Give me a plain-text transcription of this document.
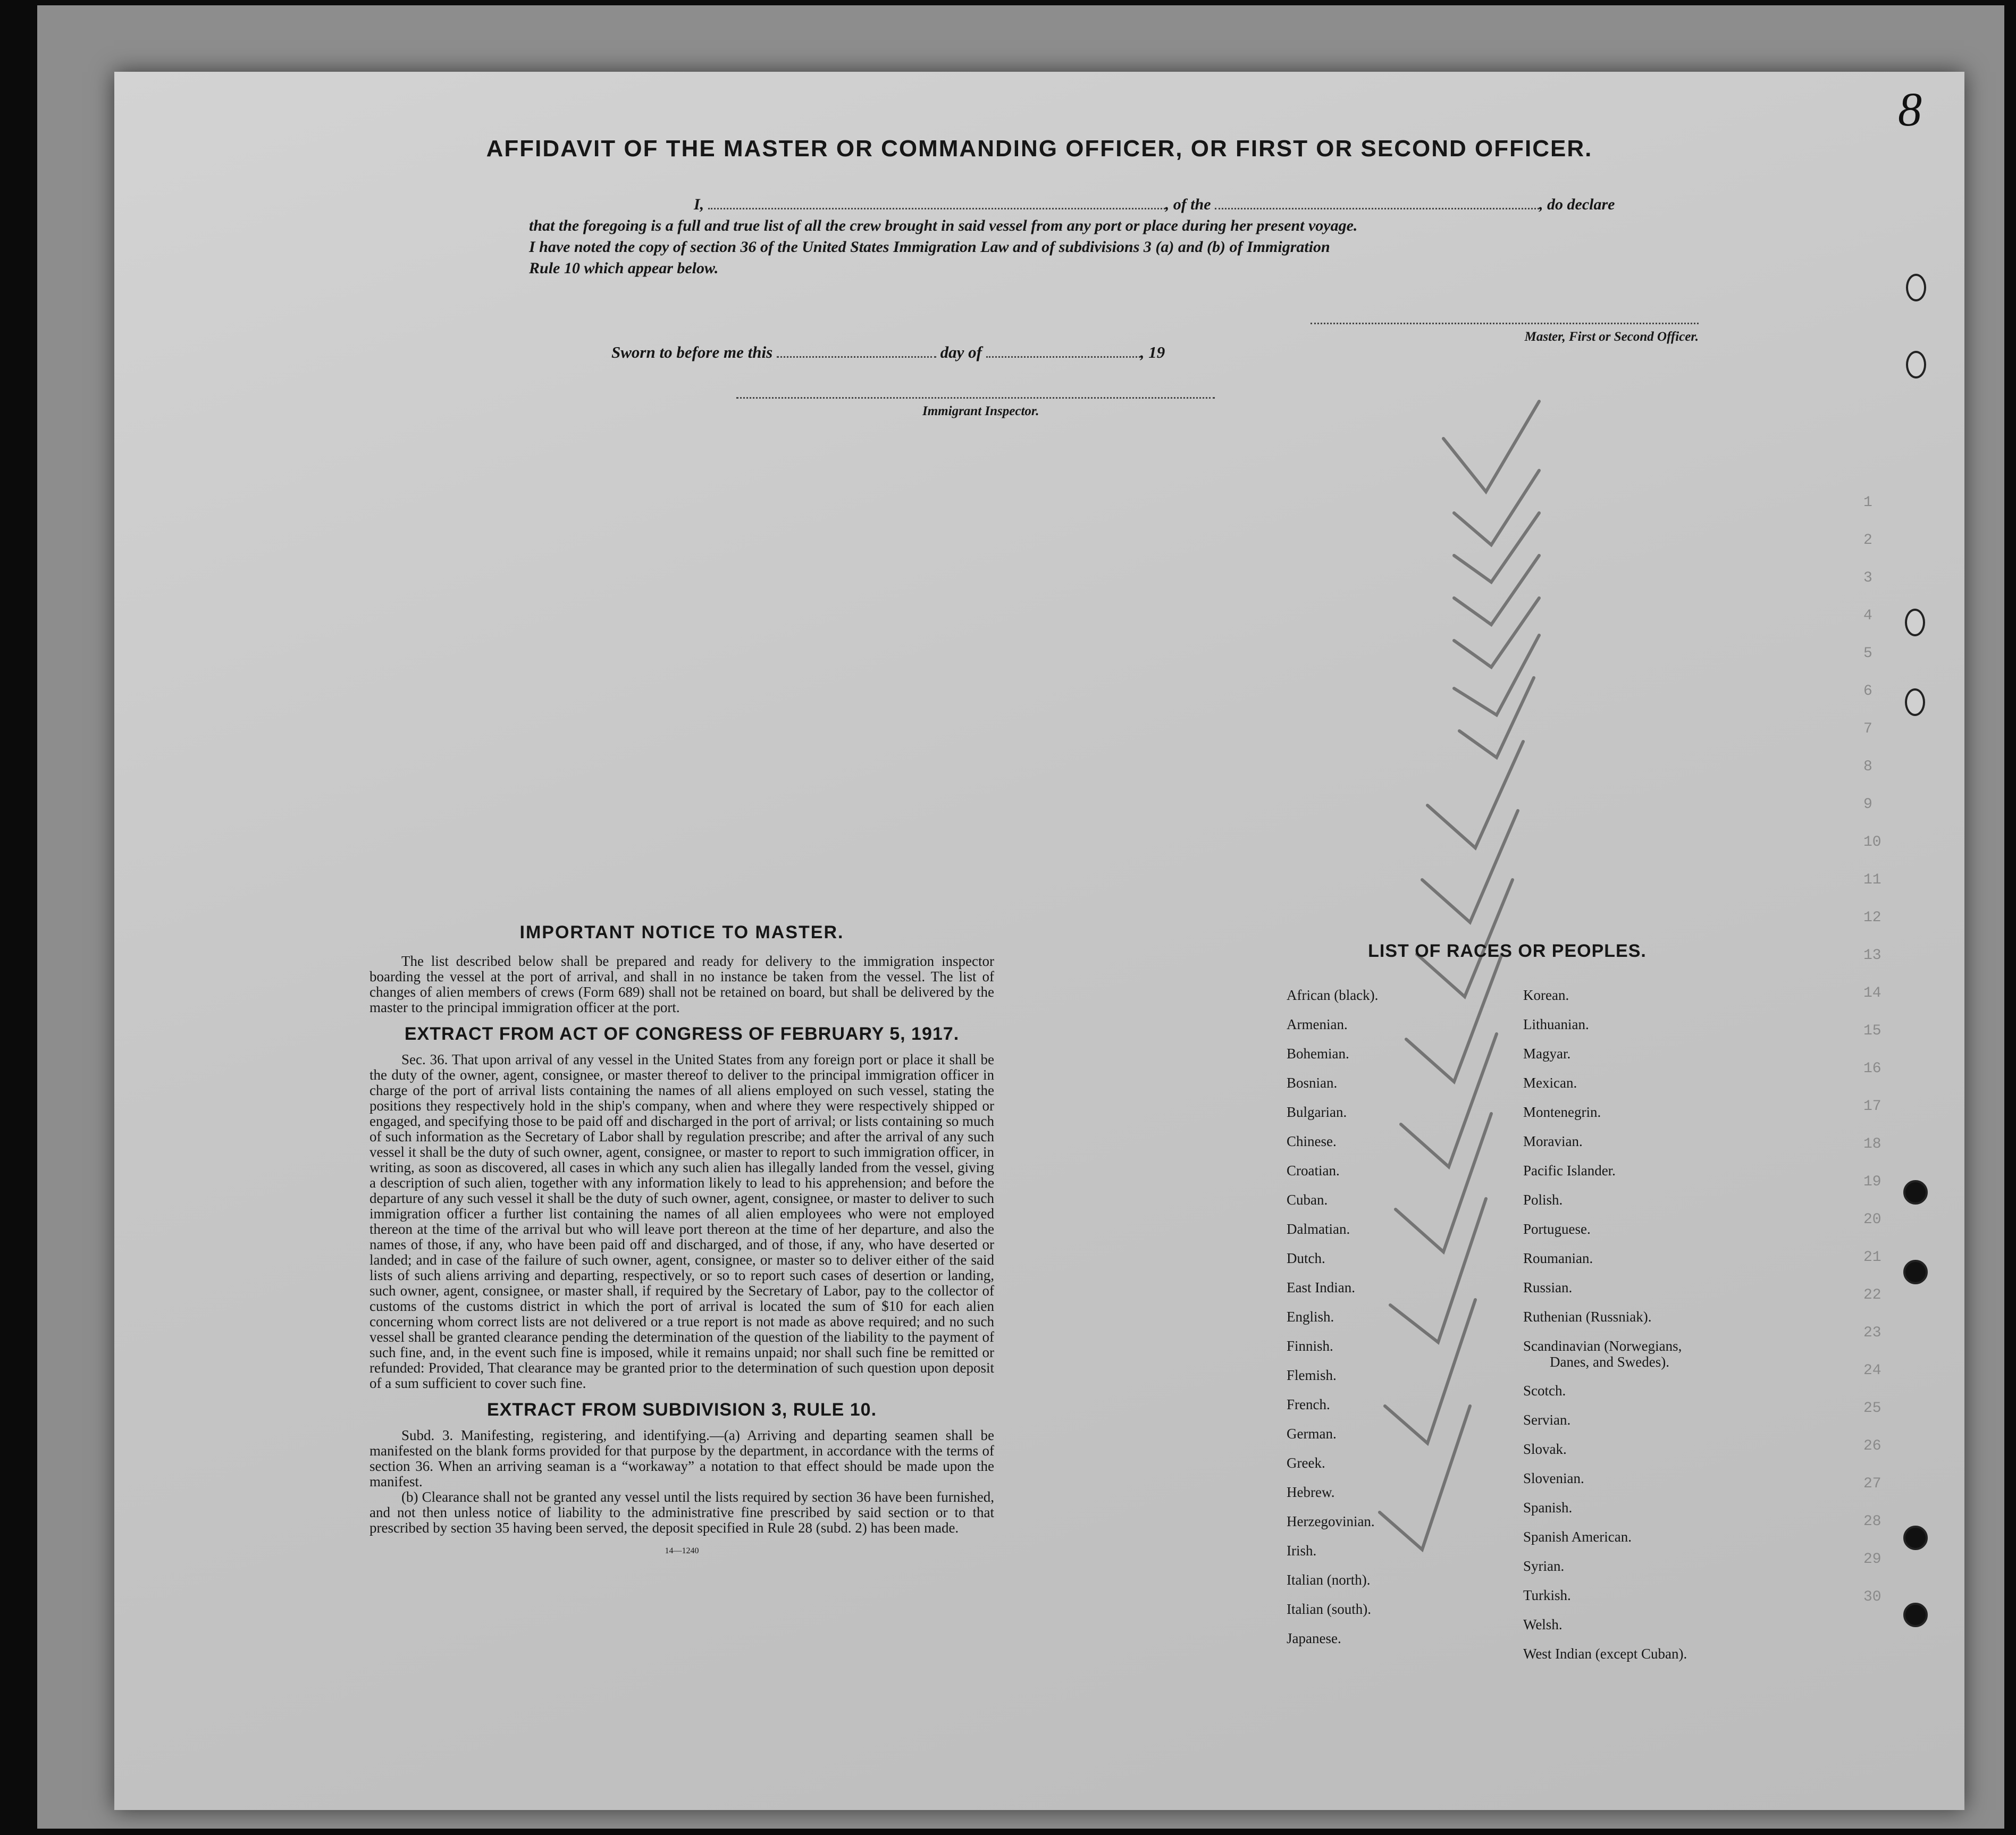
8
AFFIDAVIT OF THE MASTER OR COMMANDING OFFICER, OR FIRST OR SECOND OFFICER.
I,	, of the	, do declare
that the foregoing is a full and true list of all the crew brought in said vessel from any port or place during her present voyage.
I have noted the copy of section 36 of the United States Immigration Law and of subdivisions 3 (a) and (b) of Immigration
Rule 10 which appear below.
Master, First or Second Officer.
Sworn to before me this	day of	, 19
Immigrant Inspector.
1
2
3
4
5
6
7
8
9
10
11
12
13
14
15
16
17
18
19
20
21
22
23
24
25
26
27
28
29
30
IMPORTANT NOTICE TO MASTER.

The list described below shall be prepared and ready for delivery to the immigration inspector boarding the vessel at the port of arrival, and shall in no instance be taken from the vessel. The list of changes of alien members of crews (Form 689) shall not be retained on board, but shall be delivered by the master to the principal immigration officer at the port.

EXTRACT FROM ACT OF CONGRESS OF FEBRUARY 5, 1917.

Sec. 36. That upon arrival of any vessel in the United States from any foreign port or place it shall be the duty of the owner, agent, consignee, or master thereof to deliver to the principal immigration officer in charge of the port of arrival lists containing the names of all aliens employed on such vessel, stating the positions they respectively hold in the ship's company, when and where they were respectively shipped or engaged, and specifying those to be paid off and discharged in the port of arrival; or lists containing so much of such information as the Secretary of Labor shall by regulation prescribe; and after the arrival of any such vessel it shall be the duty of such owner, agent, consignee, or master to report to such immigration officer, in writing, as soon as discovered, all cases in which any such alien has illegally landed from the vessel, giving a description of such alien, together with any information likely to lead to his apprehension; and before the departure of any such vessel it shall be the duty of such owner, agent, consignee, or master to deliver to such immigration officer a further list containing the names of all alien employees who were not employed thereon at the time of the arrival but who will leave port thereon at the time of her departure, and also the names of those, if any, who have been paid off and discharged, and of those, if any, who have deserted or landed; and in case of the failure of such owner, agent, consignee, or master so to deliver either of the said lists of such aliens arriving and departing, respectively, or so to report such cases of desertion or landing, such owner, agent, consignee, or master shall, if required by the Secretary of Labor, pay to the collector of customs of the customs district in which the port of arrival is located the sum of $10 for each alien concerning whom correct lists are not delivered or a true report is not made as above required; and no such vessel shall be granted clearance pending the determination of the question of the liability to the payment of such fine, and, in the event such fine is imposed, while it remains unpaid; nor shall such fine be remitted or refunded: Provided, That clearance may be granted prior to the determination of such question upon deposit of a sum sufficient to cover such fine.

EXTRACT FROM SUBDIVISION 3, RULE 10.

Subd. 3. Manifesting, registering, and identifying.—(a) Arriving and departing seamen shall be manifested on the blank forms provided for that purpose by the department, in accordance with the terms of section 36. When an arriving seaman is a “workaway” a notation to that effect should be made upon the manifest.

(b) Clearance shall not be granted any vessel until the lists required by section 36 have been furnished, and not then unless notice of liability to the administrative fine prescribed by said section or to that prescribed by section 35 having been served, the deposit specified in Rule 28 (subd. 2) has been made.

14—1240
LIST OF RACES OR PEOPLES.
African (black).
Armenian.
Bohemian.
Bosnian.
Bulgarian.
Chinese.
Croatian.
Cuban.
Dalmatian.
Dutch.
East Indian.
English.
Finnish.
Flemish.
French.
German.
Greek.
Hebrew.
Herzegovinian.
Irish.
Italian (north).
Italian (south).
Japanese.
Korean.
Lithuanian.
Magyar.
Mexican.
Montenegrin.
Moravian.
Pacific Islander.
Polish.
Portuguese.
Roumanian.
Russian.
Ruthenian (Russniak).
Scandinavian (Norwegians,
Danes, and Swedes).
Scotch.
Servian.
Slovak.
Slovenian.
Spanish.
Spanish American.
Syrian.
Turkish.
Welsh.
West Indian (except Cuban).
